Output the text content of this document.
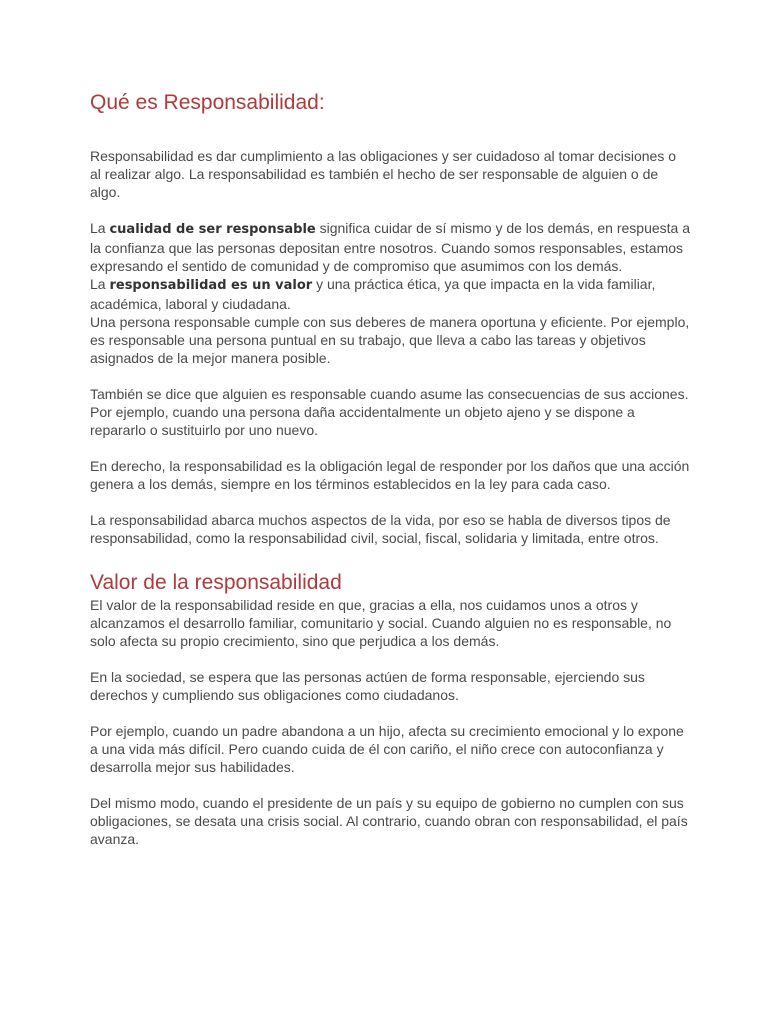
Qué es Responsabilidad:

Responsabilidad es dar cumplimiento a las obligaciones y ser cuidadoso al tomar decisiones o al realizar algo. La responsabilidad es también el hecho de ser responsable de alguien o de algo.

La cualidad de ser responsable significa cuidar de sí mismo y de los demás, en respuesta a la confianza que las personas depositan entre nosotros. Cuando somos responsables, estamos expresando el sentido de comunidad y de compromiso que asumimos con los demás.

La responsabilidad es un valor y una práctica ética, ya que impacta en la vida familiar, académica, laboral y ciudadana.

Una persona responsable cumple con sus deberes de manera oportuna y eficiente. Por ejemplo, es responsable una persona puntual en su trabajo, que lleva a cabo las tareas y objetivos asignados de la mejor manera posible.

También se dice que alguien es responsable cuando asume las consecuencias de sus acciones. Por ejemplo, cuando una persona daña accidentalmente un objeto ajeno y se dispone a repararlo o sustituirlo por uno nuevo.

En derecho, la responsabilidad es la obligación legal de responder por los daños que una acción genera a los demás, siempre en los términos establecidos en la ley para cada caso.

La responsabilidad abarca muchos aspectos de la vida, por eso se habla de diversos tipos de responsabilidad, como la responsabilidad civil, social, fiscal, solidaria y limitada, entre otros.

Valor de la responsabilidad

El valor de la responsabilidad reside en que, gracias a ella, nos cuidamos unos a otros y alcanzamos el desarrollo familiar, comunitario y social. Cuando alguien no es responsable, no solo afecta su propio crecimiento, sino que perjudica a los demás.

En la sociedad, se espera que las personas actúen de forma responsable, ejerciendo sus derechos y cumpliendo sus obligaciones como ciudadanos.

Por ejemplo, cuando un padre abandona a un hijo, afecta su crecimiento emocional y lo expone a una vida más difícil. Pero cuando cuida de él con cariño, el niño crece con autoconfianza y desarrolla mejor sus habilidades.

Del mismo modo, cuando el presidente de un país y su equipo de gobierno no cumplen con sus obligaciones, se desata una crisis social. Al contrario, cuando obran con responsabilidad, el país avanza.
